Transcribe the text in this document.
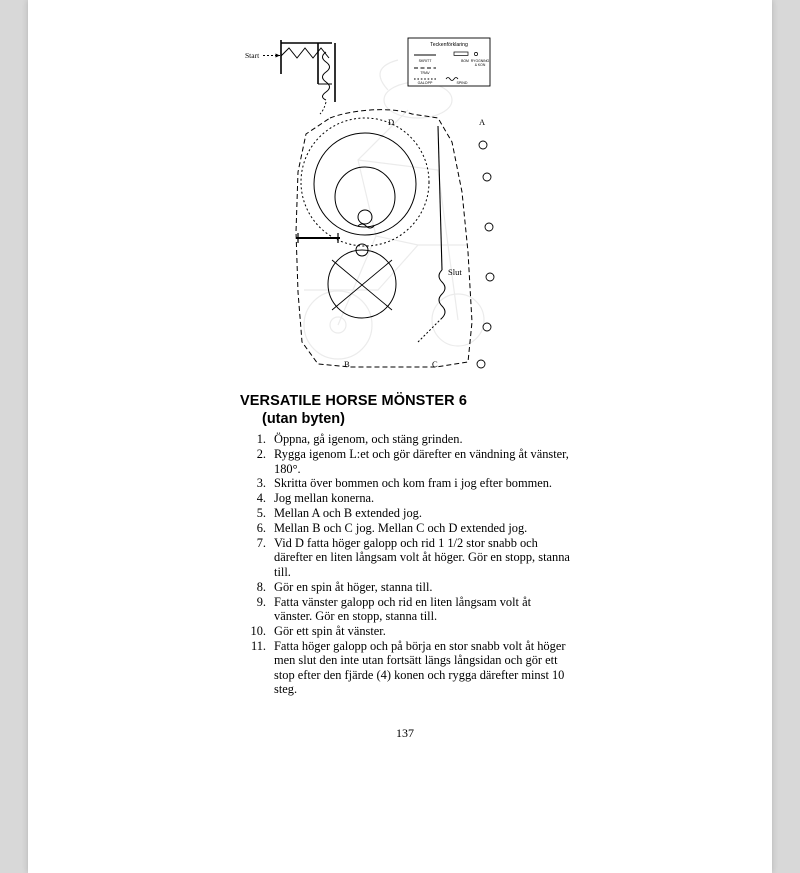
Teckenförklaring
SKRITT	BOM RYGGNING
& KON
TRAV
GALOPP	SPIND
Start
D	A
B	C
Slut
VERSATILE HORSE MÖNSTER 6
(utan byten)
1. Öppna, gå igenom, och stäng grinden.
2. Rygga igenom L:et och gör därefter en vändning åt vänster, 180°.
3. Skritta över bommen och kom fram i jog efter bommen.
4. Jog mellan konerna.
5. Mellan A och B extended jog.
6. Mellan B och C jog. Mellan C och D extended jog.
7. Vid D fatta höger galopp och rid 1 1/2 stor snabb och därefter en liten långsam volt åt höger. Gör en stopp, stanna till.
8. Gör en spin åt höger, stanna till.
9. Fatta vänster galopp och rid en liten långsam volt åt vänster. Gör en stopp, stanna till.
10. Gör ett spin åt vänster.
11. Fatta höger galopp och på börja en stor snabb volt åt höger men slut den inte utan fortsätt längs långsidan och gör ett stop efter den fjärde (4) konen och rygga därefter minst 10 steg.
137
